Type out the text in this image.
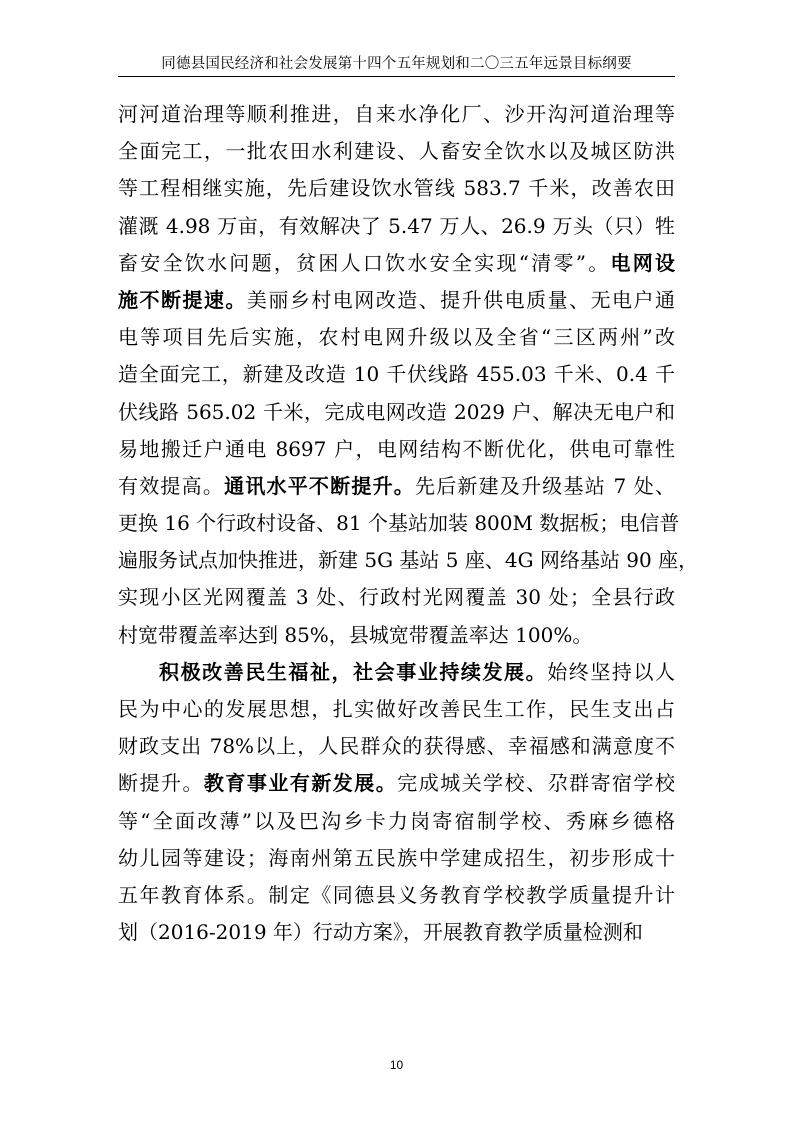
同德县国民经济和社会发展第十四个五年规划和二〇三五年远景目标纲要
河河道治理等顺利推进，自来水净化厂、沙开沟河道治理等
全面完工，一批农田水利建设、人畜安全饮水以及城区防洪
等工程相继实施，先后建设饮水管线 583.7 千米，改善农田
灌溉 4.98 万亩，有效解决了 5.47 万人、26.9 万头（只）牲
畜安全饮水问题，贫困人口饮水安全实现“清零”。电网设
施不断提速。美丽乡村电网改造、提升供电质量、无电户通
电等项目先后实施，农村电网升级以及全省“三区两州”改
造全面完工，新建及改造 10 千伏线路 455.03 千米、0.4 千
伏线路 565.02 千米，完成电网改造 2029 户、解决无电户和
易地搬迁户通电 8697 户，电网结构不断优化，供电可靠性
有效提高。通讯水平不断提升。先后新建及升级基站 7 处、
更换 16 个行政村设备、81 个基站加装 800M 数据板；电信普
遍服务试点加快推进，新建 5G 基站 5 座、4G 网络基站 90 座，
实现小区光网覆盖 3 处、行政村光网覆盖 30 处；全县行政
村宽带覆盖率达到 85%，县城宽带覆盖率达 100%。
积极改善民生福祉，社会事业持续发展。始终坚持以人
民为中心的发展思想，扎实做好改善民生工作，民生支出占
财政支出 78%以上，人民群众的获得感、幸福感和满意度不
断提升。教育事业有新发展。完成城关学校、尕群寄宿学校
等“全面改薄”以及巴沟乡卡力岗寄宿制学校、秀麻乡德格
幼儿园等建设；海南州第五民族中学建成招生，初步形成十
五年教育体系。制定《同德县义务教育学校教学质量提升计
划（2016-2019 年）行动方案》，开展教育教学质量检测和
10
